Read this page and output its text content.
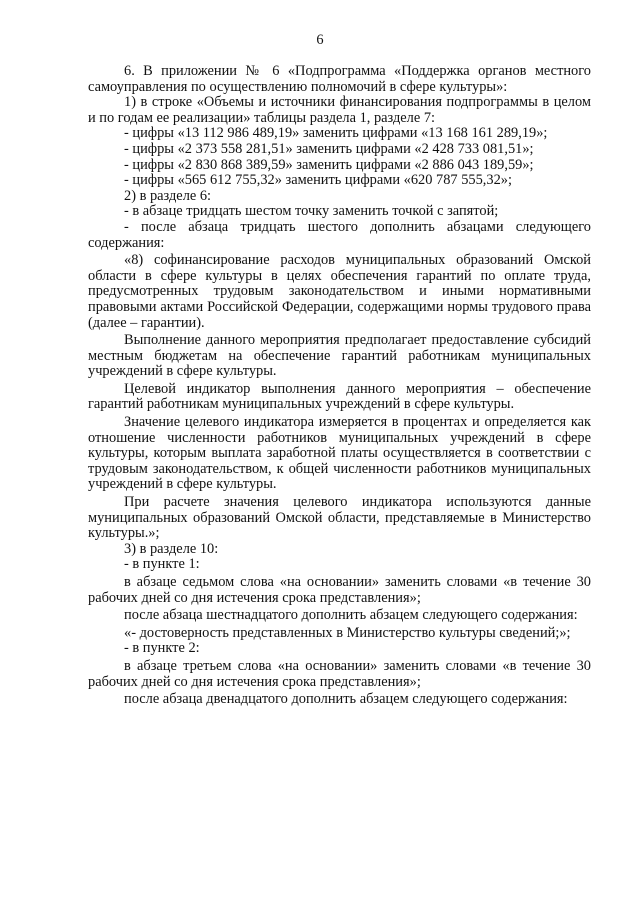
6

6. В приложении № 6 «Подпрограмма «Поддержка органов местного самоуправления по осуществлению полномочий в сфере культуры»:

1) в строке «Объемы и источники финансирования подпрограммы в целом и по годам ее реализации» таблицы раздела 1, разделе 7:

- цифры «13 112 986 489,19» заменить цифрами «13 168 161 289,19»;

- цифры «2 373 558 281,51» заменить цифрами «2 428 733 081,51»;

- цифры «2 830 868 389,59» заменить цифрами «2 886 043 189,59»;

- цифры «565 612 755,32» заменить цифрами «620 787 555,32»;

2) в разделе 6:

- в абзаце тридцать шестом точку заменить точкой с запятой;

- после абзаца тридцать шестого дополнить абзацами следующего содержания:

«8) софинансирование расходов муниципальных образований Омской области в сфере культуры в целях обеспечения гарантий по оплате труда, предусмотренных трудовым законодательством и иными нормативными правовыми актами Российской Федерации, содержащими нормы трудового права (далее – гарантии).

Выполнение данного мероприятия предполагает предоставление субсидий местным бюджетам на обеспечение гарантий работникам муниципальных учреждений в сфере культуры.

Целевой индикатор выполнения данного мероприятия – обеспечение гарантий работникам муниципальных учреждений в сфере культуры.

Значение целевого индикатора измеряется в процентах и определяется как отношение численности работников муниципальных учреждений в сфере культуры, которым выплата заработной платы осуществляется в соответствии с трудовым законодательством, к общей численности работников муниципальных учреждений в сфере культуры.

При расчете значения целевого индикатора используются данные муниципальных образований Омской области, представляемые в Министерство культуры.»;

3) в разделе 10:

- в пункте 1:

в абзаце седьмом слова «на основании» заменить словами «в течение 30 рабочих дней со дня истечения срока представления»;

после абзаца шестнадцатого дополнить абзацем следующего содержания:

«- достоверность представленных в Министерство культуры сведений;»;

- в пункте 2:

в абзаце третьем слова «на основании» заменить словами «в течение 30 рабочих дней со дня истечения срока представления»;

после абзаца двенадцатого дополнить абзацем следующего содержания:
